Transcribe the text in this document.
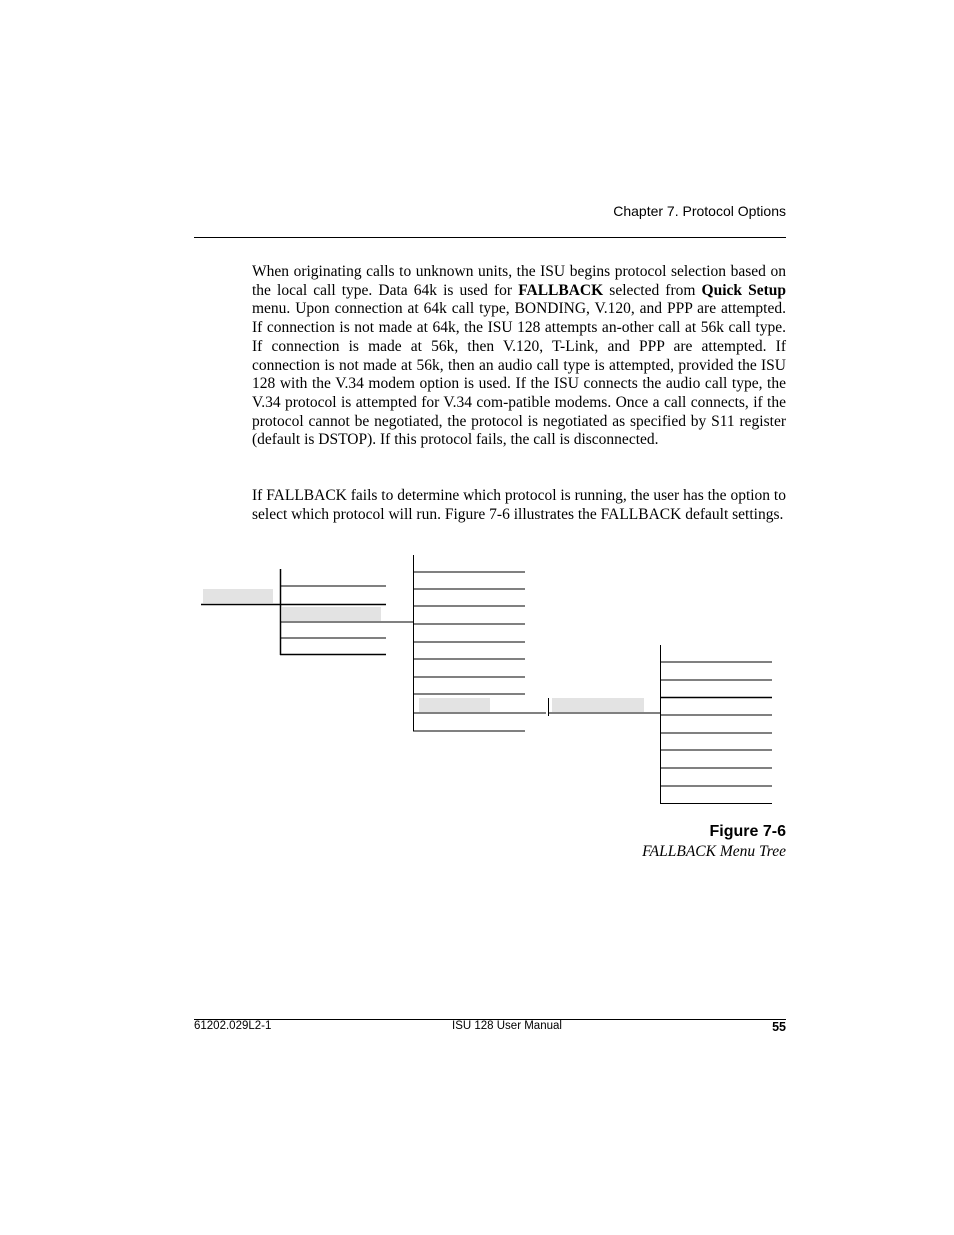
Chapter 7. Protocol Options

When originating calls to unknown units, the ISU begins protocol selection based on the local call type. Data 64k is used for FALLBACK selected from Quick Setup menu. Upon connection at 64k call type, BONDING, V.120, and PPP are attempted. If connection is not made at 64k, the ISU 128 attempts an-other call at 56k call type. If connection is made at 56k, then V.120, T-Link, and PPP are attempted. If connection is not made at 56k, then an audio call type is attempted, provided the ISU 128 with the V.34 modem option is used. If the ISU connects the audio call type, the V.34 protocol is attempted for V.34 com-patible modems. Once a call connects, if the protocol cannot be negotiated, the protocol is negotiated as specified by S11 register (default is DSTOP). If this protocol fails, the call is disconnected.

If FALLBACK fails to determine which protocol is running, the user has the option to select which protocol will run. Figure 7-6 illustrates the FALLBACK default settings.

Figure 7-6
FALLBACK Menu Tree
61202.029L2-1	ISU 128 User Manual	55
